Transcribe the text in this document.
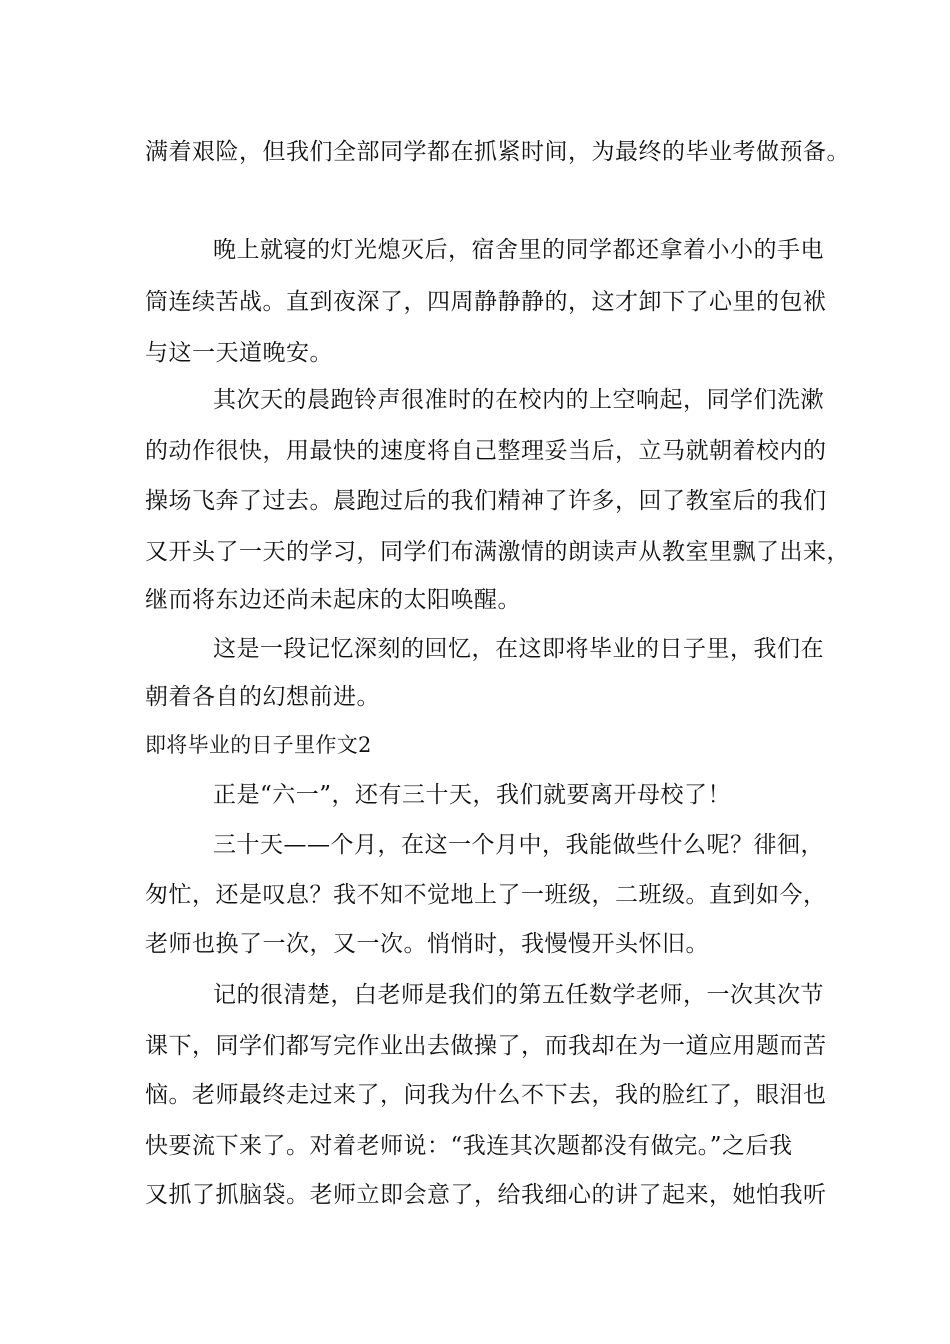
满着艰险，但我们全部同学都在抓紧时间，为最终的毕业考做预备。
晚上就寝的灯光熄灭后，宿舍里的同学都还拿着小小的手电
筒连续苦战。直到夜深了，四周静静静的，这才卸下了心里的包袱
与这一天道晚安。
其次天的晨跑铃声很准时的在校内的上空响起，同学们洗漱
的动作很快，用最快的速度将自己整理妥当后，立马就朝着校内的
操场飞奔了过去。晨跑过后的我们精神了许多，回了教室后的我们
又开头了一天的学习，同学们布满激情的朗读声从教室里飘了出来，
继而将东边还尚未起床的太阳唤醒。
这是一段记忆深刻的回忆，在这即将毕业的日子里，我们在
朝着各自的幻想前进。
即将毕业的日子里作文2
正是“六一”，还有三十天，我们就要离开母校了！
三十天——个月，在这一个月中，我能做些什么呢？徘徊，
匆忙，还是叹息？我不知不觉地上了一班级，二班级。直到如今，
老师也换了一次，又一次。悄悄时，我慢慢开头怀旧。
记的很清楚，白老师是我们的第五任数学老师，一次其次节
课下，同学们都写完作业出去做操了，而我却在为一道应用题而苦
恼。老师最终走过来了，问我为什么不下去，我的脸红了，眼泪也
快要流下来了。对着老师说：“我连其次题都没有做完。”之后我
又抓了抓脑袋。老师立即会意了，给我细心的讲了起来，她怕我听
